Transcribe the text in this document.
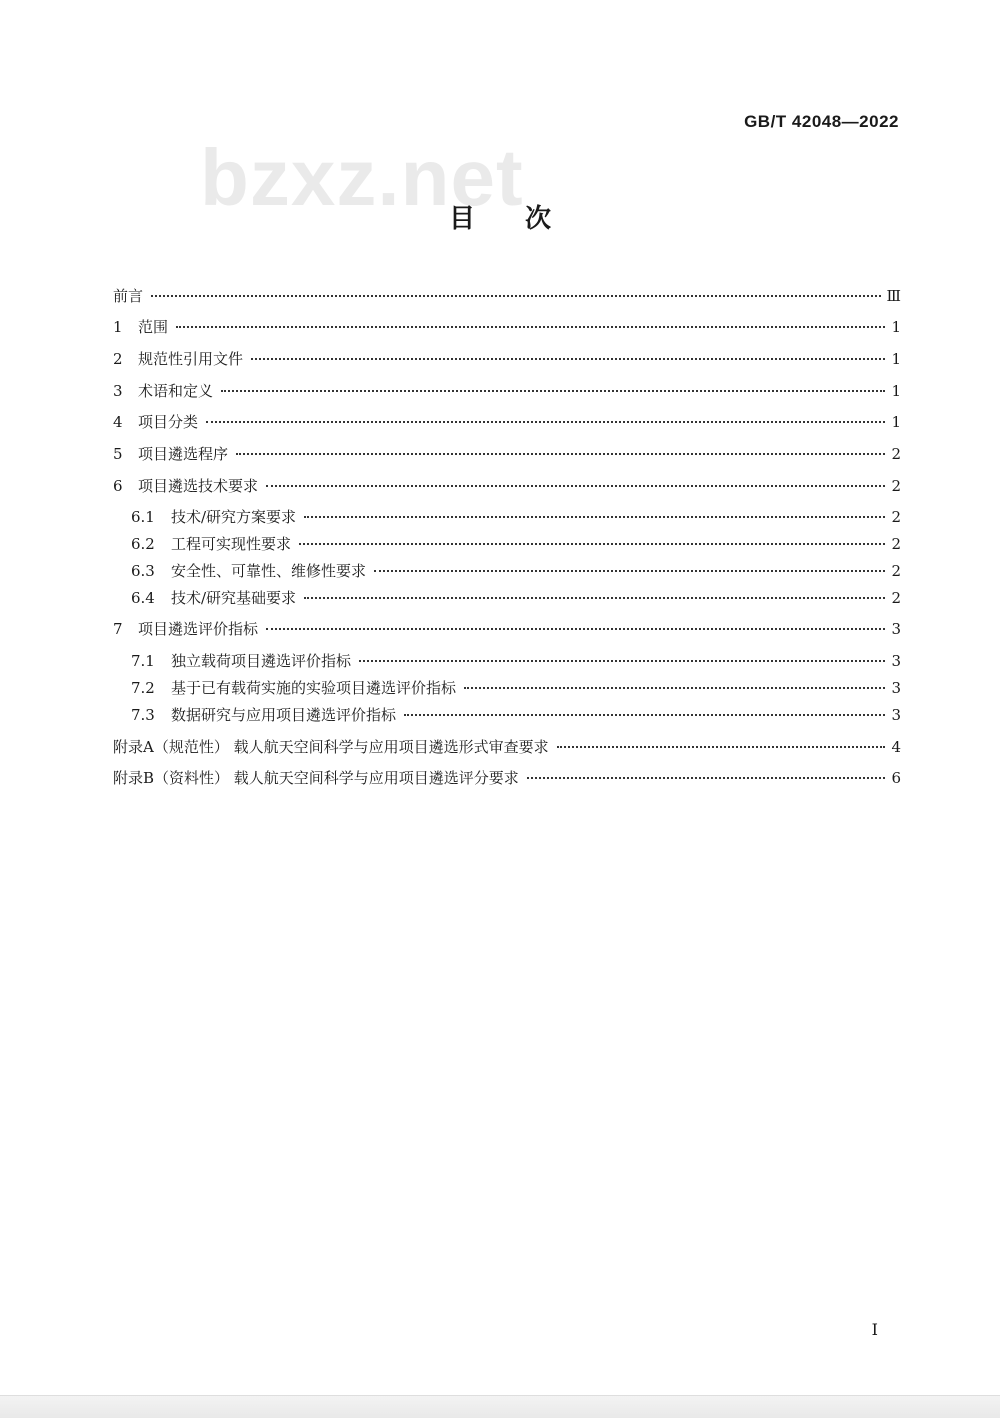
bzxz.net
GB/T 42048—2022
目次
前言	Ⅲ
1	范围	1
2	规范性引用文件	1
3	术语和定义	1
4	项目分类	1
5	项目遴选程序	2
6	项目遴选技术要求	2
6.1	技术/研究方案要求	2
6.2	工程可实现性要求	2
6.3	安全性、可靠性、维修性要求	2
6.4	技术/研究基础要求	2
7	项目遴选评价指标	3
7.1	独立载荷项目遴选评价指标	3
7.2	基于已有载荷实施的实验项目遴选评价指标	3
7.3	数据研究与应用项目遴选评价指标	3
附录A（规范性） 载人航天空间科学与应用项目遴选形式审查要求	4
附录B（资料性） 载人航天空间科学与应用项目遴选评分要求	6
I
